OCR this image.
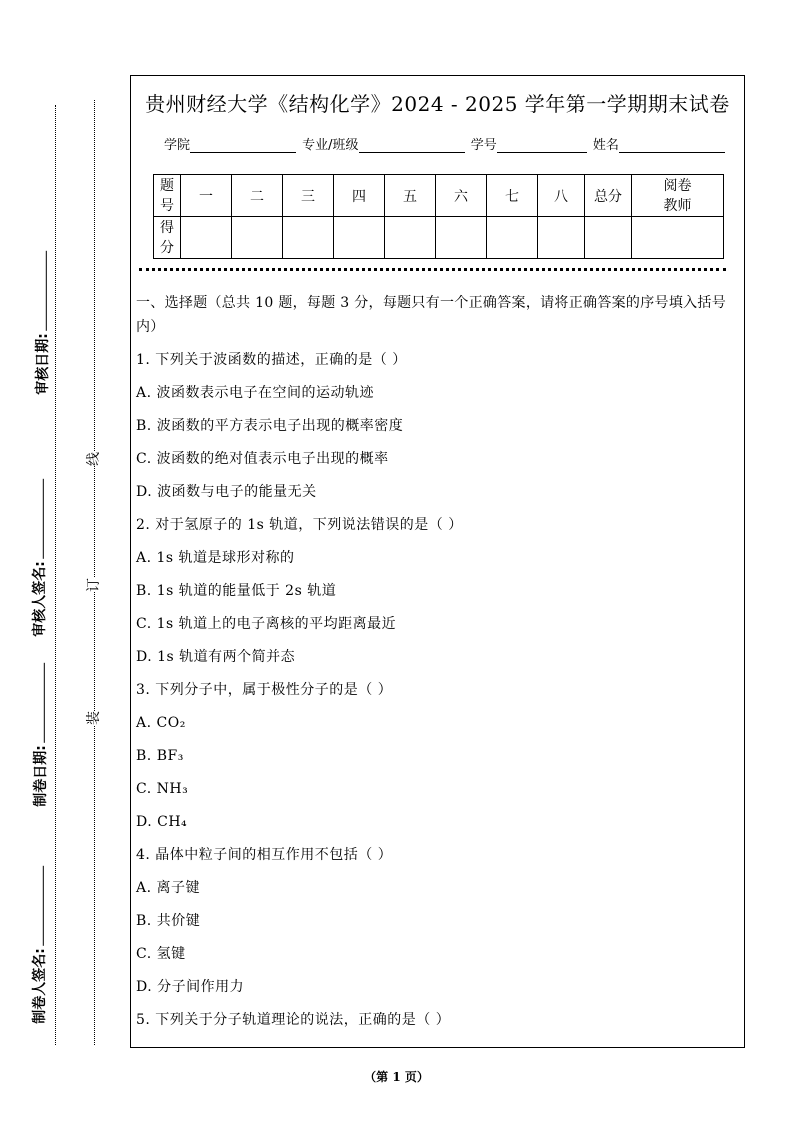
审核日期:
审核人签名:
制卷日期:
制卷人签名:
线
订
装
贵州财经大学《结构化学》2024 - 2025 学年第一学期期末试卷
学院	专业/班级	学号	姓名
题号	一	二	三	四	五	六	七	八	总分	阅卷教师
得分										
一、选择题（总共 10 题，每题 3 分，每题只有一个正确答案，请将正确答案的序号填入括号内）
1. 下列关于波函数的描述，正确的是（ ）
A. 波函数表示电子在空间的运动轨迹
B. 波函数的平方表示电子出现的概率密度
C. 波函数的绝对值表示电子出现的概率
D. 波函数与电子的能量无关
2. 对于氢原子的 1s 轨道，下列说法错误的是（ ）
A. 1s 轨道是球形对称的
B. 1s 轨道的能量低于 2s 轨道
C. 1s 轨道上的电子离核的平均距离最近
D. 1s 轨道有两个简并态
3. 下列分子中，属于极性分子的是（ ）
A. CO₂
B. BF₃
C. NH₃
D. CH₄
4. 晶体中粒子间的相互作用不包括（ ）
A. 离子键
B. 共价键
C. 氢键
D. 分子间作用力
5. 下列关于分子轨道理论的说法，正确的是（ ）
（第 1 页）
